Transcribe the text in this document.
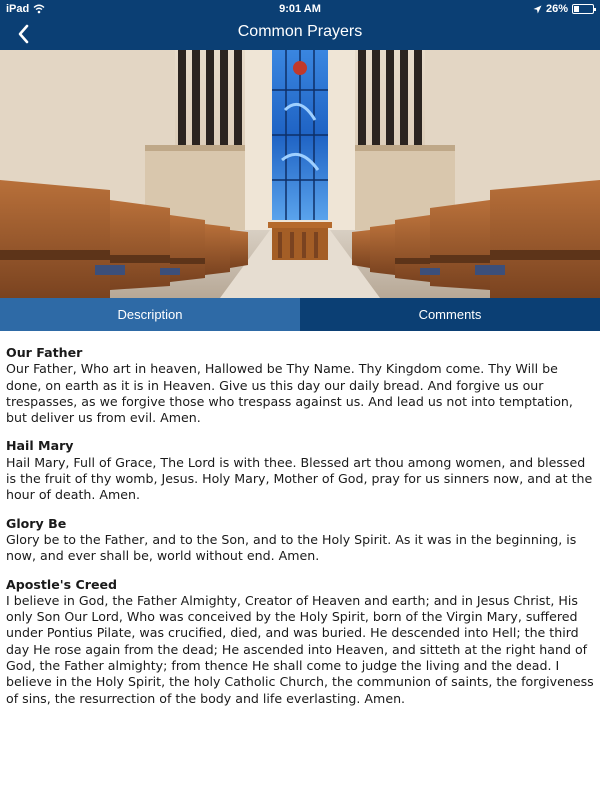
iPad	9:01 AM	26%
Common Prayers
Description	Comments
Our Father

Our Father, Who art in heaven, Hallowed be Thy Name. Thy Kingdom come. Thy Will be done, on earth as it is in Heaven. Give us this day our daily bread. And forgive us our trespasses, as we forgive those who trespass against us. And lead us not into temptation, but deliver us from evil. Amen.

Hail Mary

Hail Mary, Full of Grace, The Lord is with thee. Blessed art thou among women, and blessed is the fruit of thy womb, Jesus. Holy Mary, Mother of God, pray for us sinners now, and at the hour of death. Amen.

Glory Be

Glory be to the Father, and to the Son, and to the Holy Spirit. As it was in the beginning, is now, and ever shall be, world without end. Amen.

Apostle's Creed

I believe in God, the Father Almighty, Creator of Heaven and earth; and in Jesus Christ, His only Son Our Lord, Who was conceived by the Holy Spirit, born of the Virgin Mary, suffered under Pontius Pilate, was crucified, died, and was buried. He descended into Hell; the third day He rose again from the dead; He ascended into Heaven, and sitteth at the right hand of God, the Father almighty; from thence He shall come to judge the living and the dead. I believe in the Holy Spirit, the holy Catholic Church, the communion of saints, the forgiveness of sins, the resurrection of the body and life everlasting. Amen.
